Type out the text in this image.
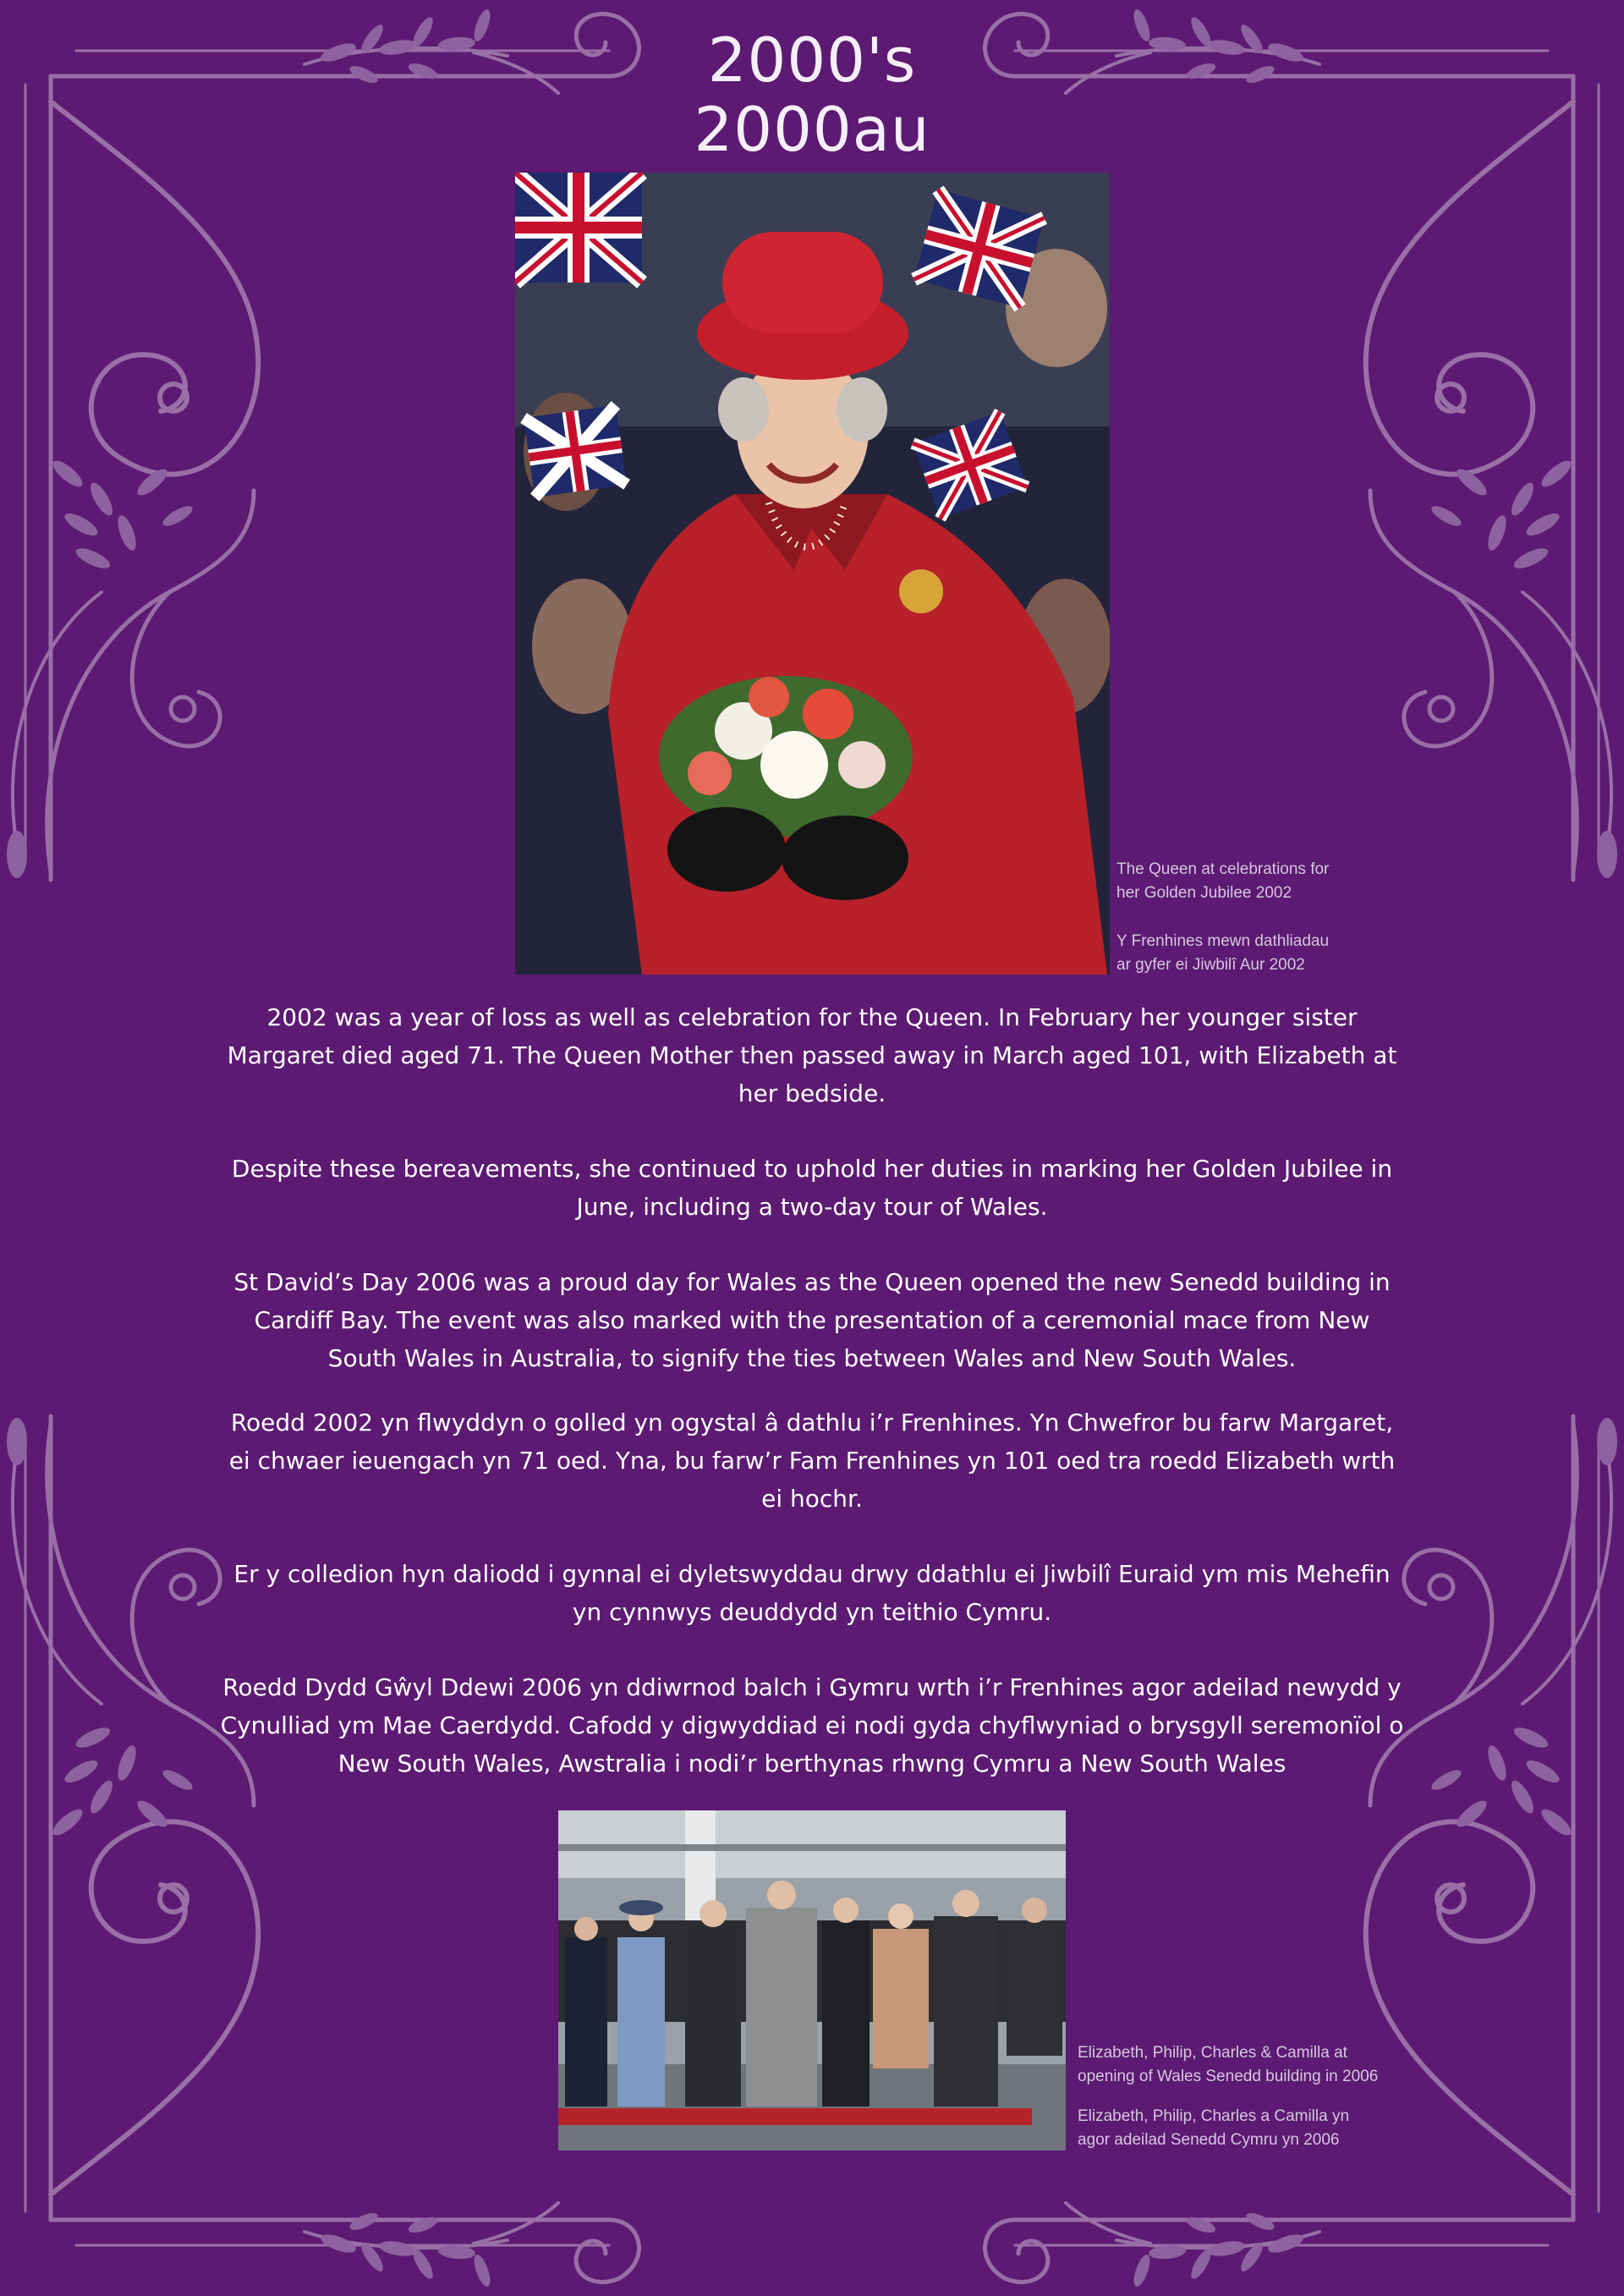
2000's
2000au
The Queen at celebrations for
her Golden Jubilee 2002
Y Frenhines mewn dathliadau
ar gyfer ei Jiwbilî Aur 2002
2002 was a year of loss as well as celebration for the Queen. In February her younger sister Margaret died aged 71. The Queen Mother then passed away in March aged 101, with Elizabeth at her bedside.
Despite these bereavements, she continued to uphold her duties in marking her Golden Jubilee in June, including a two-day tour of Wales.
St David’s Day 2006 was a proud day for Wales as the Queen opened the new Senedd building in Cardiff Bay. The event was also marked with the presentation of a ceremonial mace from New South Wales in Australia, to signify the ties between Wales and New South Wales.
Roedd 2002 yn flwyddyn o golled yn ogystal â dathlu i’r Frenhines. Yn Chwefror bu farw Margaret, ei chwaer ieuengach yn 71 oed. Yna, bu farw’r Fam Frenhines yn 101 oed tra roedd Elizabeth wrth ei hochr.
Er y colledion hyn daliodd i gynnal ei dyletswyddau drwy ddathlu ei Jiwbilî Euraid ym mis Mehefin yn cynnwys deuddydd yn teithio Cymru.
Roedd Dydd Gŵyl Ddewi 2006 yn ddiwrnod balch i Gymru wrth i’r Frenhines agor adeilad newydd y Cynulliad ym Mae Caerdydd. Cafodd y digwyddiad ei nodi gyda chyflwyniad o brysgyll seremonïol o New South Wales, Awstralia i nodi’r berthynas rhwng Cymru a New South Wales
Elizabeth, Philip, Charles & Camilla at
opening of Wales Senedd building in 2006
Elizabeth, Philip, Charles a Camilla yn
agor adeilad Senedd Cymru yn 2006
